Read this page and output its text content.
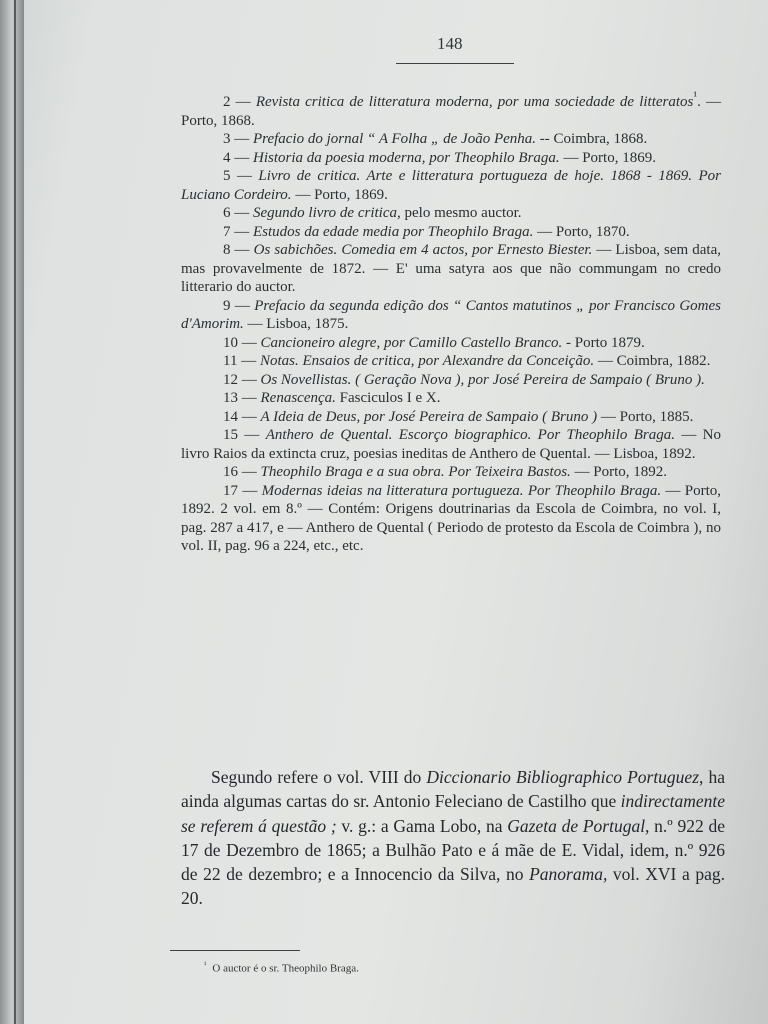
148

2 — Revista critica de litteratura moderna, por uma sociedade de litteratos$^{^1}$. — Porto, 1868.

3 — Prefacio do jornal “ A Folha „ de João Penha. -- Coimbra, 1868.

4 — Historia da poesia moderna, por Theophilo Braga. — Porto, 1869.

5 — Livro de critica. Arte e litteratura portugueza de hoje. 1868 - 1869. Por Luciano Cordeiro. — Porto, 1869.

6 — Segundo livro de critica, pelo mesmo auctor.

7 — Estudos da edade media por Theophilo Braga. — Porto, 1870.

8 — Os sabichões. Comedia em 4 actos, por Ernesto Biester. — Lisboa, sem data, mas provavelmente de 1872. — E' uma satyra aos que não commungam no credo litterario do auctor.

9 — Prefacio da segunda edição dos “ Cantos matutinos „ por Francisco Gomes d'Amorim. — Lisboa, 1875.

10 — Cancioneiro alegre, por Camillo Castello Branco. - Porto 1879.

11 — Notas. Ensaios de critica, por Alexandre da Conceição. — Coimbra, 1882.

12 — Os Novellistas. ( Geração Nova ), por José Pereira de Sampaio ( Bruno ).

13 — Renascença. Fasciculos I e X.

14 — A Ideia de Deus, por José Pereira de Sampaio ( Bruno ) — Porto, 1885.

15 — Anthero de Quental. Escorço biographico. Por Theophilo Braga. — No livro Raios da extincta cruz, poesias ineditas de Anthero de Quental. — Lisboa, 1892.

16 — Theophilo Braga e a sua obra. Por Teixeira Bastos. — Porto, 1892.

17 — Modernas ideias na litteratura portugueza. Por Theophilo Braga. — Porto, 1892. 2 vol. em 8.º — Contém: Origens doutrinarias da Escola de Coimbra, no vol. I, pag. 287 a 417, e — Anthero de Quental ( Periodo de protesto da Escola de Coimbra ), no vol. II, pag. 96 a 224, etc., etc.

Segundo refere o vol. VIII do Diccionario Bibliographico Portuguez, ha ainda algumas cartas do sr. Antonio Feleciano de Castilho que indirectamente se referem á questão ; v. g.: a Gama Lobo, na Gazeta de Portugal, n.º 922 de 17 de Dezembro de 1865; a Bulhão Pato e á mãe de E. Vidal, idem, n.º 926 de 22 de dezembro; e a Innocencio da Silva, no Panorama, vol. XVI a pag. 20.

$^{^1}$ O auctor é o sr. Theophilo Braga.
